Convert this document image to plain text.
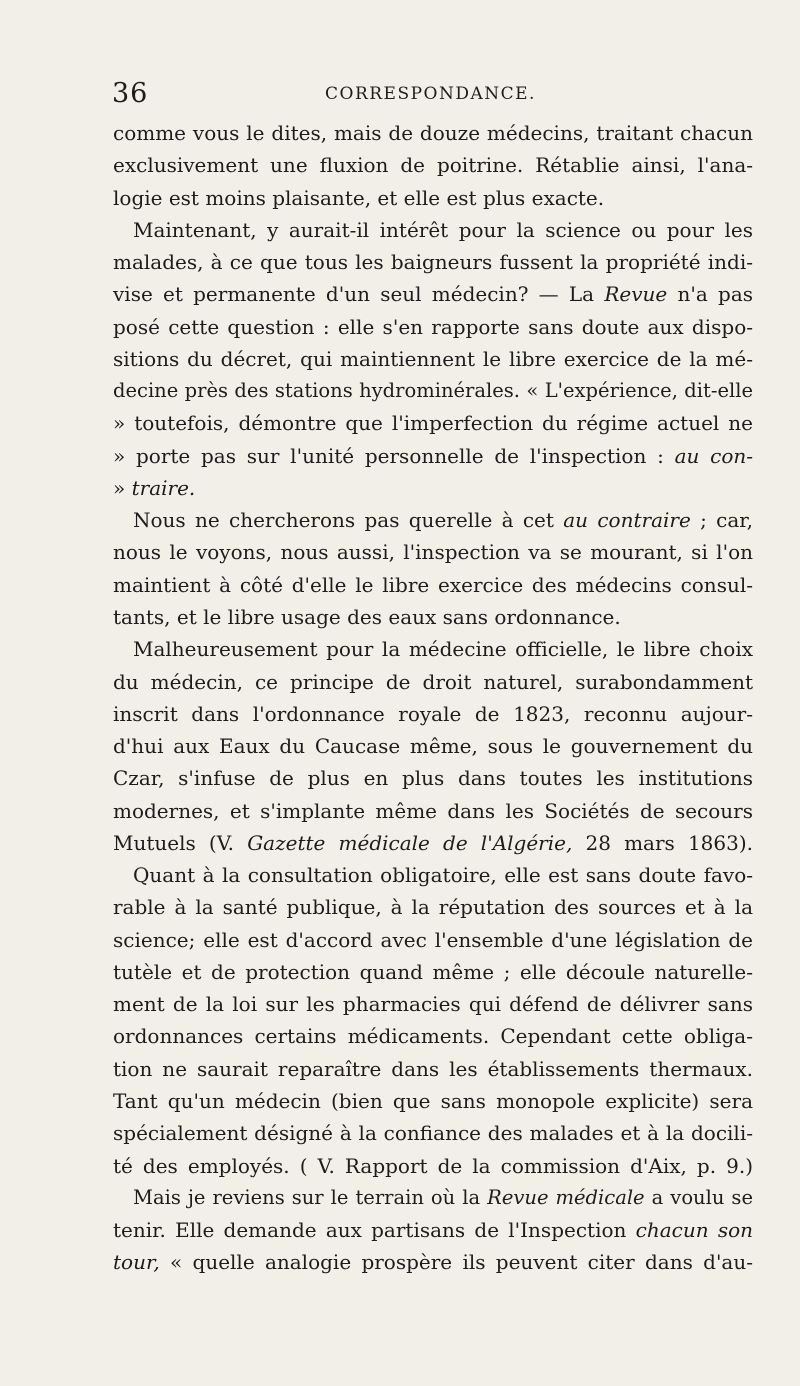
36	CORRESPONDANCE.
comme vous le dites, mais de douze médecins, traitant chacun
exclusivement une fluxion de poitrine. Rétablie ainsi, l'ana-
logie est moins plaisante, et elle est plus exacte.
Maintenant, y aurait-il intérêt pour la science ou pour les
malades, à ce que tous les baigneurs fussent la propriété indi-
vise et permanente d'un seul médecin? — La Revue n'a pas
posé cette question : elle s'en rapporte sans doute aux dispo-
sitions du décret, qui maintiennent le libre exercice de la mé-
decine près des stations hydrominérales. « L'expérience, dit-elle
» toutefois, démontre que l'imperfection du régime actuel ne
» porte pas sur l'unité personnelle de l'inspection : au con-
» traire.
Nous ne chercherons pas querelle à cet au contraire ; car,
nous le voyons, nous aussi, l'inspection va se mourant, si l'on
maintient à côté d'elle le libre exercice des médecins consul-
tants, et le libre usage des eaux sans ordonnance.
Malheureusement pour la médecine officielle, le libre choix
du médecin, ce principe de droit naturel, surabondamment
inscrit dans l'ordonnance royale de 1823, reconnu aujour-
d'hui aux Eaux du Caucase même, sous le gouvernement du
Czar, s'infuse de plus en plus dans toutes les institutions
modernes, et s'implante même dans les Sociétés de secours
Mutuels (V. Gazette médicale de l'Algérie, 28 mars 1863).
Quant à la consultation obligatoire, elle est sans doute favo-
rable à la santé publique, à la réputation des sources et à la
science; elle est d'accord avec l'ensemble d'une législation de
tutèle et de protection quand même ; elle découle naturelle-
ment de la loi sur les pharmacies qui défend de délivrer sans
ordonnances certains médicaments. Cependant cette obliga-
tion ne saurait reparaître dans les établissements thermaux.
Tant qu'un médecin (bien que sans monopole explicite) sera
spécialement désigné à la confiance des malades et à la docili-
té des employés. ( V. Rapport de la commission d'Aix, p. 9.)
Mais je reviens sur le terrain où la Revue médicale a voulu se
tenir. Elle demande aux partisans de l'Inspection chacun son
tour, « quelle analogie prospère ils peuvent citer dans d'au-
